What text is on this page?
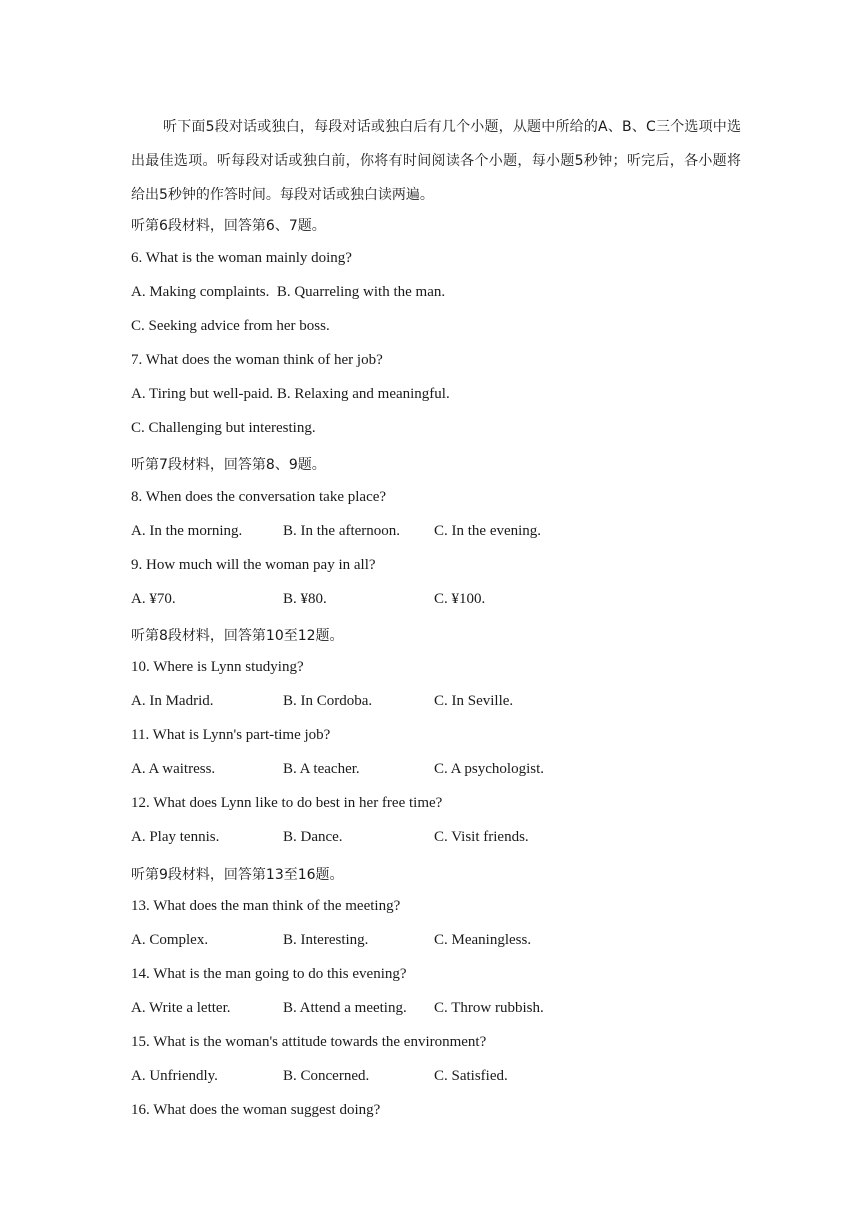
听下面5段对话或独白，每段对话或独白后有几个小题，从题中所给的A、B、C三个选项中选出最佳选项。听每段对话或独白前，你将有时间阅读各个小题，每小题5秒钟；听完后，各小题将给出5秒钟的作答时间。每段对话或独白读两遍。
听第6段材料，回答第6、7题。
6. What is the woman mainly doing?
A. Making complaints. B. Quarreling with the man.
C. Seeking advice from her boss.
7. What does the woman think of her job?
A. Tiring but well-paid. B. Relaxing and meaningful.
C. Challenging but interesting.
听第7段材料，回答第8、9题。
8. When does the conversation take place?
A. In the morning.	B. In the afternoon. C. In the evening.
9. How much will the woman pay in all?
A. ¥70.	B. ¥80.	C. ¥100.
听第8段材料，回答第10至12题。
10. Where is Lynn studying?
A. In Madrid.	B. In Cordoba.	C. In Seville.
11. What is Lynn's part-time job?
A. A waitress.	B. A teacher.	C. A psychologist.
12. What does Lynn like to do best in her free time?
A. Play tennis.	B. Dance.	C. Visit friends.
听第9段材料，回答第13至16题。
13. What does the man think of the meeting?
A. Complex.	B. Interesting.	C. Meaningless.
14. What is the man going to do this evening?
A. Write a letter.	B. Attend a meeting. C. Throw rubbish.
15. What is the woman's attitude towards the environment?
A. Unfriendly.	B. Concerned.	C. Satisfied.
16. What does the woman suggest doing?
